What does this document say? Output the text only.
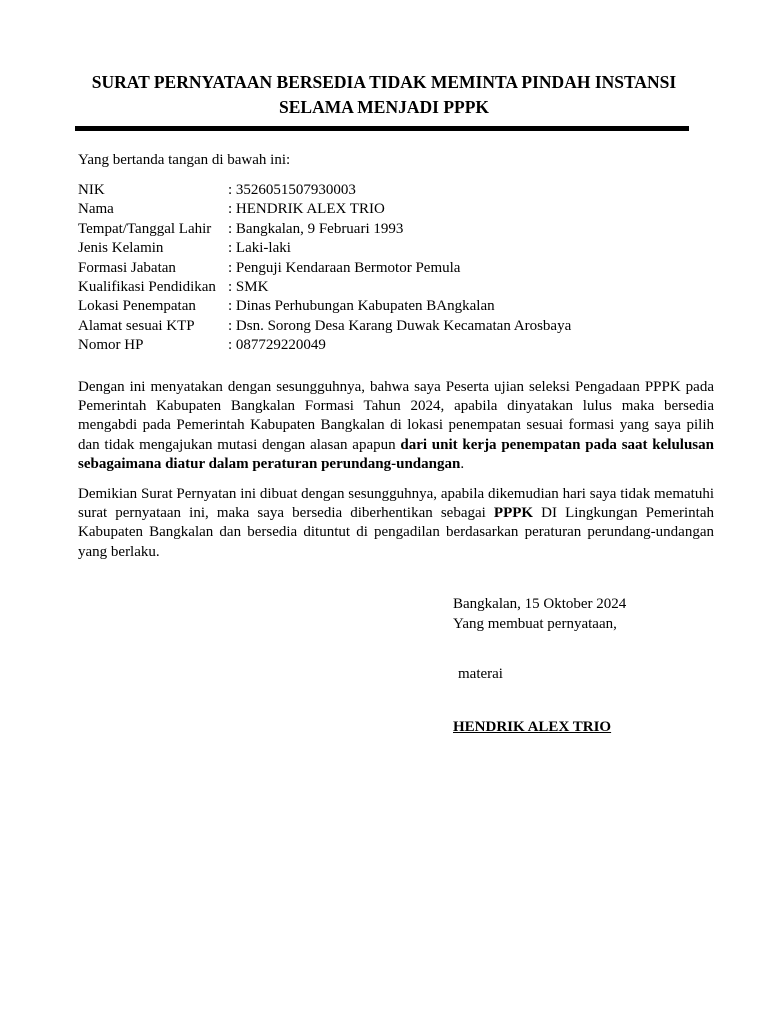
SURAT PERNYATAAN BERSEDIA TIDAK MEMINTA PINDAH INSTANSI
SELAMA MENJADI PPPK
Yang bertanda tangan di bawah ini:
NIK	: 3526051507930003
Nama	: HENDRIK ALEX TRIO
Tempat/Tanggal Lahir	: Bangkalan, 9 Februari 1993
Jenis Kelamin	: Laki-laki
Formasi Jabatan	: Penguji Kendaraan Bermotor Pemula
Kualifikasi Pendidikan : SMK
Lokasi Penempatan	: Dinas Perhubungan Kabupaten BAngkalan
Alamat sesuai KTP	: Dsn. Sorong Desa Karang Duwak Kecamatan Arosbaya
Nomor HP	: 087729220049

Dengan ini menyatakan dengan sesungguhnya, bahwa saya Peserta ujian seleksi Pengadaan PPPK pada Pemerintah Kabupaten Bangkalan Formasi Tahun 2024, apabila dinyatakan lulus maka bersedia mengabdi pada Pemerintah Kabupaten Bangkalan di lokasi penempatan sesuai formasi yang saya pilih dan tidak mengajukan mutasi dengan alasan apapun dari unit kerja penempatan pada saat kelulusan sebagaimana diatur dalam peraturan perundang-undangan.

Demikian Surat Pernyatan ini dibuat dengan sesungguhnya, apabila dikemudian hari saya tidak mematuhi surat pernyataan ini, maka saya bersedia diberhentikan sebagai PPPK DI Lingkungan Pemerintah Kabupaten Bangkalan dan bersedia dituntut di pengadilan berdasarkan peraturan perundang-undangan yang berlaku.

Bangkalan, 15 Oktober 2024
Yang membuat pernyataan,
materai
HENDRIK ALEX TRIO
